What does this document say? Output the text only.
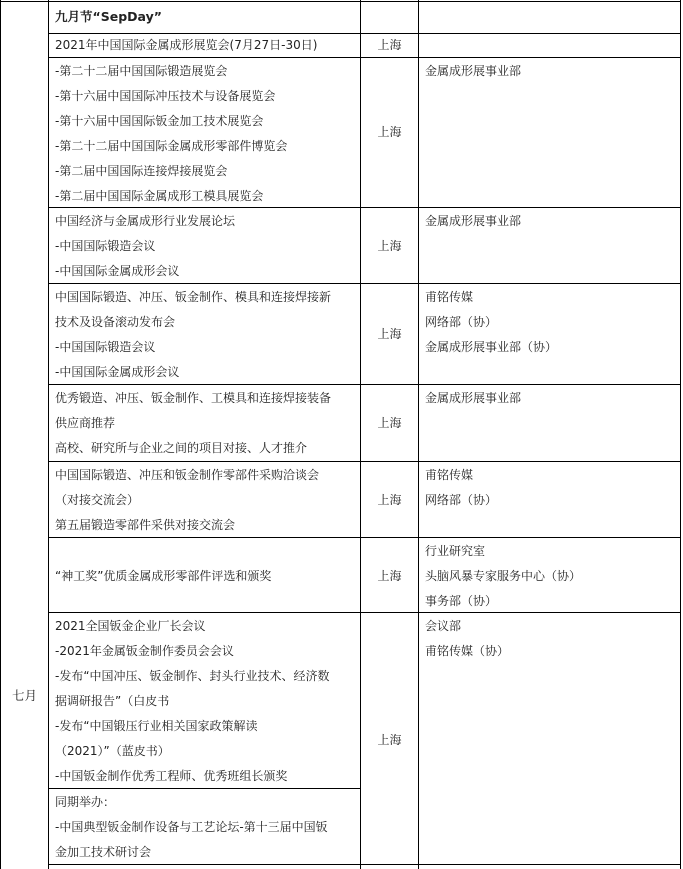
七月
九月节“SepDay”
2021年中国国际金属成形展览会(7月27日-30日)	上海
-第二十二届中国国际锻造展览会
-第十六届中国国际冲压技术与设备展览会
-第十六届中国国际钣金加工技术展览会
-第二十二届中国国际金属成形零部件博览会
-第二届中国国际连接焊接展览会
-第二届中国国际金属成形工模具展览会
上海
金属成形展事业部
中国经济与金属成形行业发展论坛
-中国国际锻造会议
-中国国际金属成形会议
上海
金属成形展事业部
中国国际锻造、冲压、钣金制作、模具和连接焊接新
技术及设备滚动发布会
-中国国际锻造会议
-中国国际金属成形会议
上海
甫铭传媒
网络部（协）
金属成形展事业部（协）
优秀锻造、冲压、钣金制作、工模具和连接焊接装备
供应商推荐
高校、研究所与企业之间的项目对接、人才推介
上海
金属成形展事业部
中国国际锻造、冲压和钣金制作零部件采购洽谈会
（对接交流会）
第五届锻造零部件采供对接交流会
上海
甫铭传媒
网络部（协）
“神工奖”优质金属成形零部件评选和颁奖	上海
行业研究室
头脑风暴专家服务中心（协）
事务部（协）
2021全国钣金企业厂长会议
-2021年金属钣金制作委员会会议
-发布“中国冲压、钣金制作、封头行业技术、经济数
据调研报告”（白皮书
-发布“中国锻压行业相关国家政策解读
（2021）”（蓝皮书）
-中国钣金制作优秀工程师、优秀班组长颁奖
上海
会议部
甫铭传媒（协）
同期举办：
-中国典型钣金制作设备与工艺论坛-第十三届中国钣
金加工技术研讨会
